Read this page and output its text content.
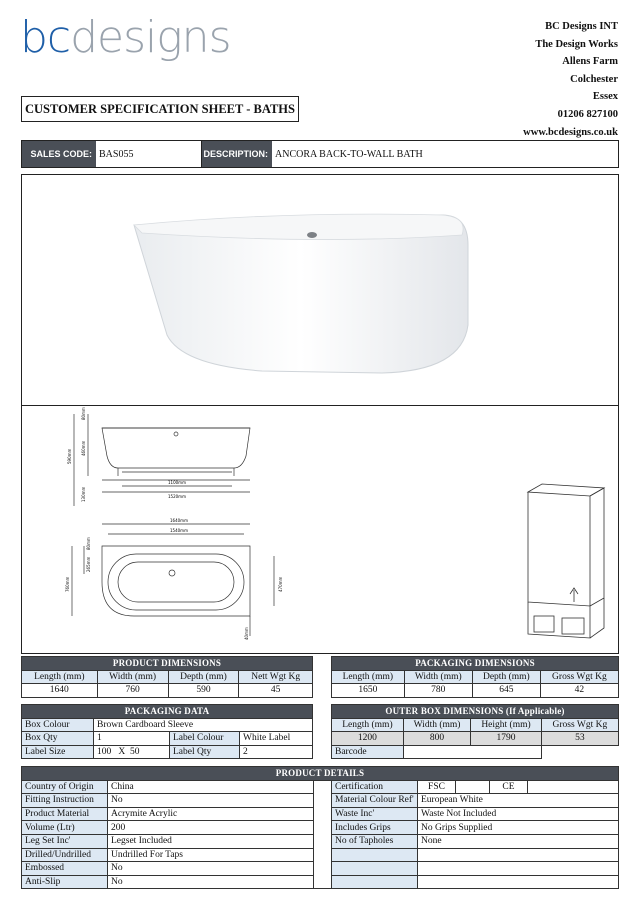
bcdesigns	BC Designs INT
The Design Works
Allens Farm
Colchester
Essex
01206 827100
www.bcdesigns.co.uk
CUSTOMER SPECIFICATION SHEET - BATHS
SALES CODE: BAS055	DESCRIPTION: ANCORA BACK-TO-WALL BATH
80mm
460mm
590mm
130mm
1100mm
1520mm
1640mm
1540mm
80mm
265mm
760mm	470mm
40mm
PRODUCT DIMENSIONS			
Length (mm)	Width (mm)	Depth (mm)	Nett Wgt Kg
1640	760	590	45
PACKAGING DIMENSIONS			
Length (mm)	Width (mm)	Depth (mm)	Gross Wgt Kg
1650	780	645	42
PACKAGING DATA			
Box Colour	Brown Cardboard Sleeve		
Box Qty	1	Label Colour	White Label
Label Size	100   X  50	Label Qty	2
OUTER BOX DIMENSIONS (If Applicable)			
Length (mm)	Width (mm)	Height (mm)	Gross Wgt Kg
1200	800	1790	53
Barcode			
PRODUCT DETAILS							
Country of Origin	China		Certification	FSC		CE	
Fitting Instruction	No		Material Colour Ref'	European White			
Product Material	Acrymite Acrylic		Waste Inc'	Waste Not Included			
Volume (Ltr)	200		Includes Grips	No Grips Supplied			
Leg Set Inc'	Legset Included		No of Tapholes	None			
Drilled/Undrilled	Undrilled For Taps						
Embossed	No						
Anti-Slip	No						
